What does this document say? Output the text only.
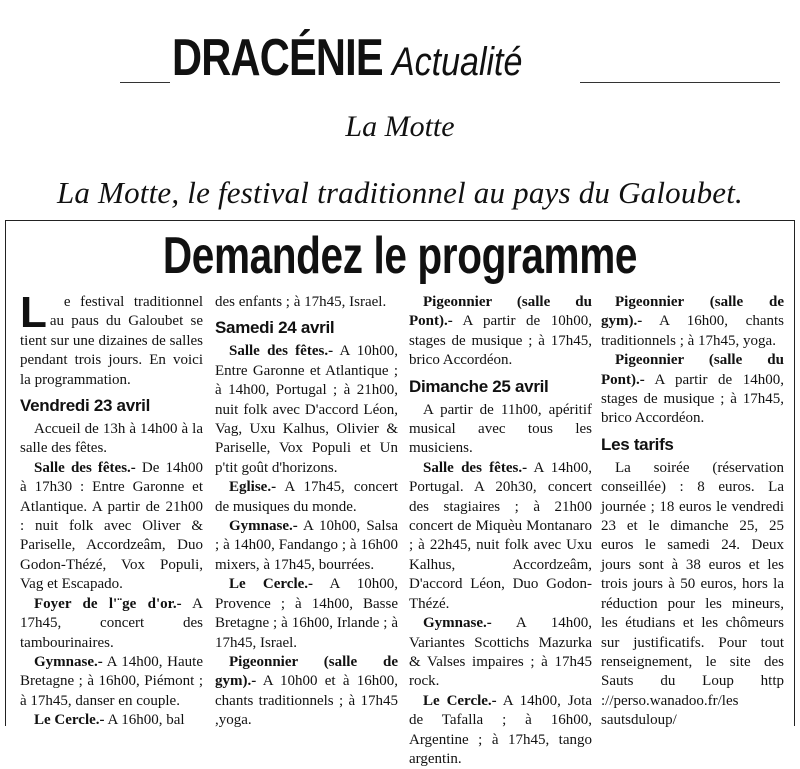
DRACÉNIE Actualité
La Motte
La Motte, le festival traditionnel au pays du Galoubet.
Demandez le programme

L e festival traditionnel au paus du Galoubet se tient sur une dizaines de salles pendant trois jours. En voici la programmation.

Vendredi 23 avril

Accueil de 13h à 14h00 à la salle des fêtes.

Salle des fêtes.- De 14h00 à 17h30 : Entre Garonne et Atlantique. A partir de 21h00 : nuit folk avec Oliver & Pariselle, Accordzeâm, Duo Godon-Thézé, Vox Populi, Vag et Escapado.

Foyer de l'¨ge d'or.- A 17h45, concert des tambourinaires.

Gymnase.- A 14h00, Haute Bretagne ; à 16h00, Piémont ; à 17h45, danser en couple.

Le Cercle.- A 16h00, bal

des enfants ; à 17h45, Israel.

Samedi 24 avril

Salle des fêtes.- A 10h00, Entre Garonne et Atlantique ; à 14h00, Portugal ; à 21h00, nuit folk avec D'accord Léon, Vag, Uxu Kalhus, Olivier & Pariselle, Vox Populi et Un p'tit goût d'horizons.

Eglise.- A 17h45, concert de musiques du monde.

Gymnase.- A 10h00, Salsa ; à 14h00, Fandango ; à 16h00 mixers, à 17h45, bourrées.

Le Cercle.- A 10h00, Provence ; à 14h00, Basse Bretagne ; à 16h00, Irlande ; à 17h45, Israel.

Pigeonnier (salle de gym).- A 10h00 et à 16h00, chants traditionnels ; à 17h45 ,yoga.

Pigeonnier (salle du Pont).- A partir de 10h00, stages de musique ; à 17h45, brico Accordéon.

Dimanche 25 avril

A partir de 11h00, apéritif musical avec tous les musiciens.

Salle des fêtes.- A 14h00, Portugal. A 20h30, concert des stagiaires ; à 21h00 concert de Miquèu Montanaro ; à 22h45, nuit folk avec Uxu Kalhus, Accordzeâm, D'accord Léon, Duo Godon-Thézé.

Gymnase.- A 14h00, Variantes Scottichs Mazurka & Valses impaires ; à 17h45 rock.

Le Cercle.- A 14h00, Jota de Tafalla ; à 16h00, Argentine ; à 17h45, tango argentin.

Pigeonnier (salle de gym).- A 16h00, chants traditionnels ; à 17h45, yoga.

Pigeonnier (salle du Pont).- A partir de 14h00, stages de musique ; à 17h45, brico Accordéon.

Les tarifs

La soirée (réservation conseillée) : 8 euros. La journée ; 18 euros le vendredi 23 et le dimanche 25, 25 euros le samedi 24. Deux jours sont à 38 euros et les trois jours à 50 euros, hors la réduction pour les mineurs, les étudians et les chômeurs sur justificatifs. Pour tout renseignement, le site des Sauts du Loup http ://perso.wanadoo.fr/les sautsduloup/
